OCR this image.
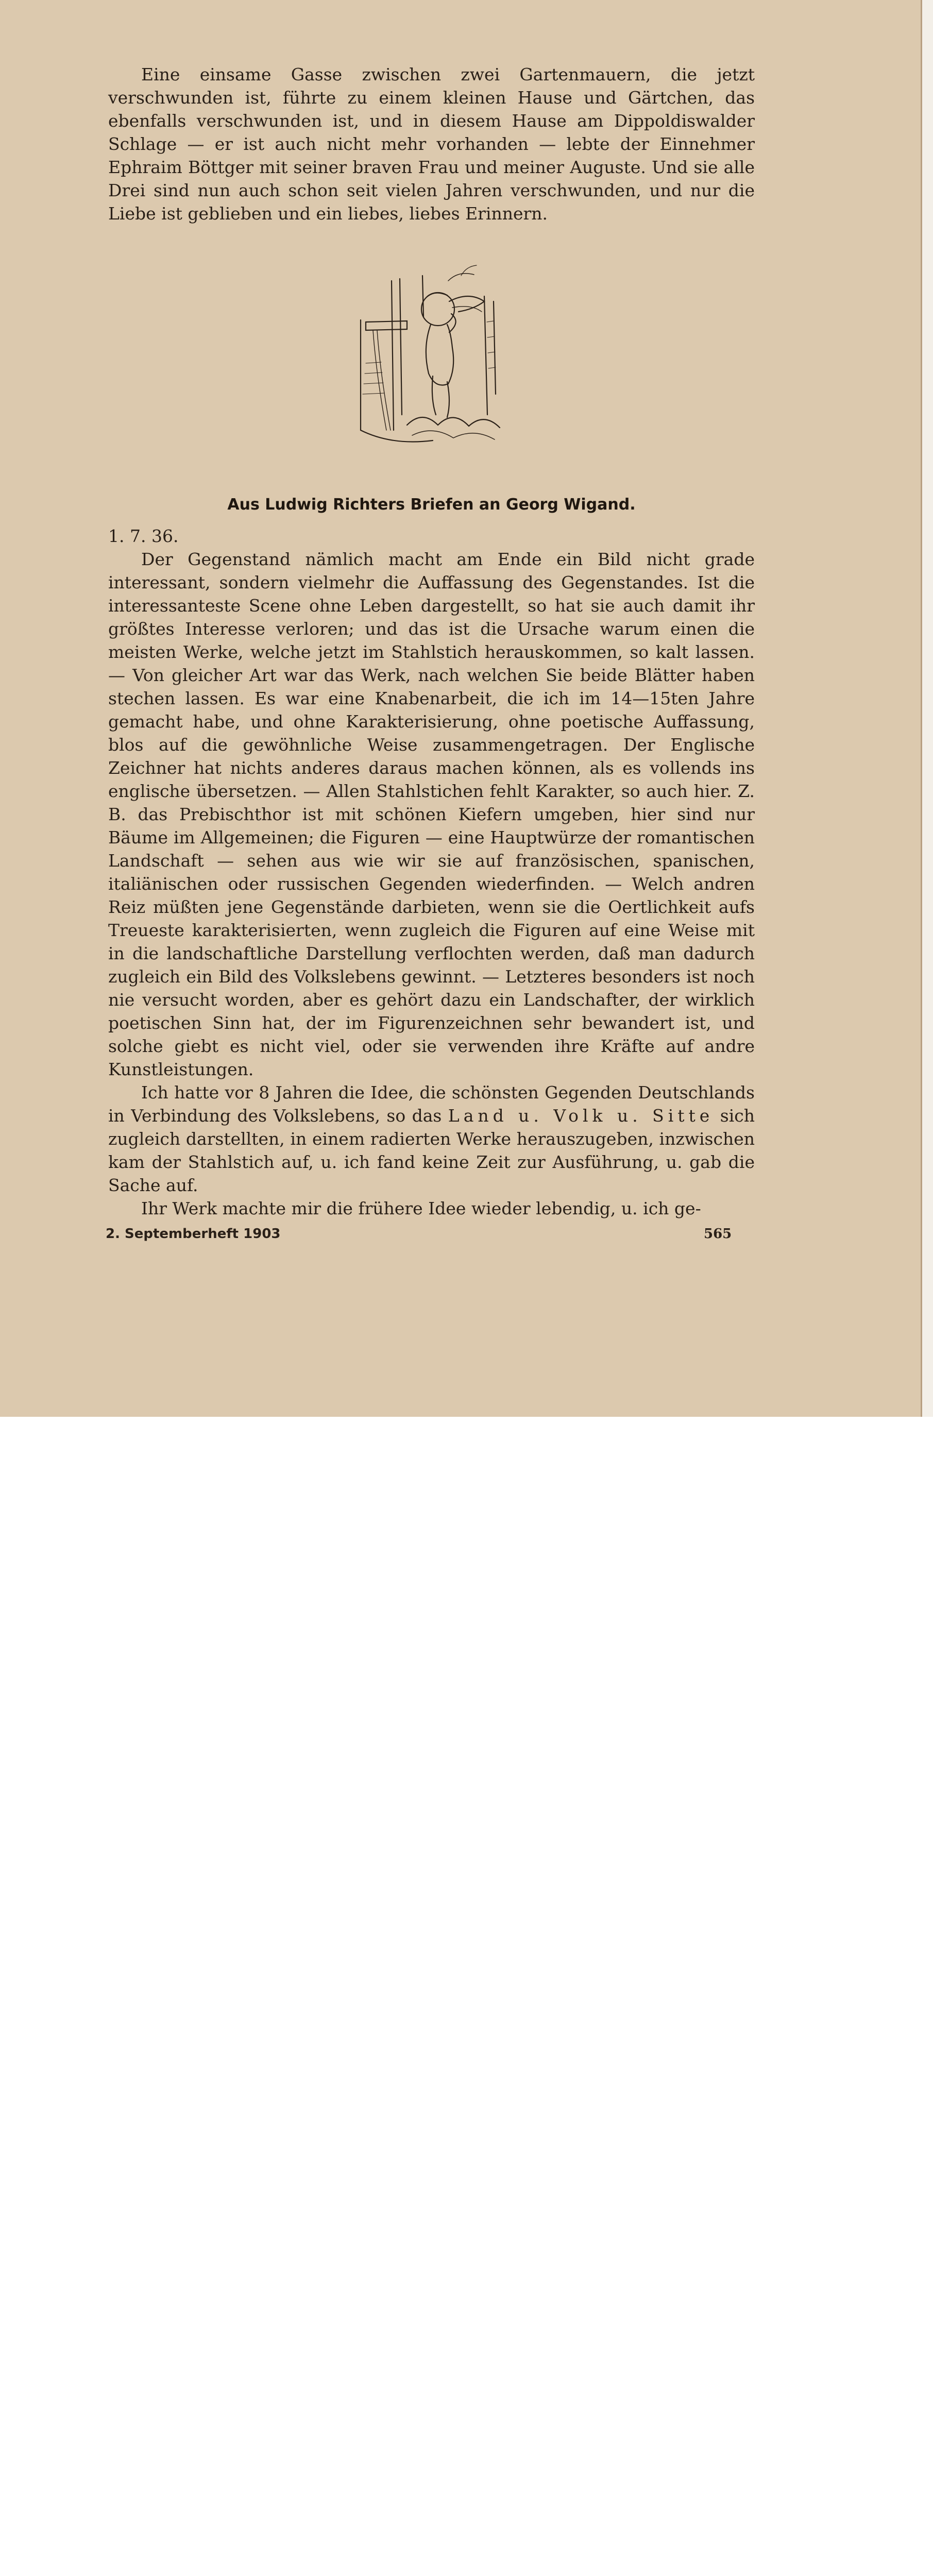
Eine einsame Gasse zwischen zwei Gartenmauern, die jetzt verschwunden ist, führte zu einem kleinen Hause und Gärtchen, das ebenfalls verschwunden ist, und in diesem Hause am Dippoldiswalder Schlage — er ist auch nicht mehr vorhanden — lebte der Einnehmer Ephraim Böttger mit seiner braven Frau und meiner Auguste. Und sie alle Drei sind nun auch schon seit vielen Jahren verschwunden, und nur die Liebe ist geblieben und ein liebes, liebes Erinnern.

Aus Ludwig Richters Briefen an Georg Wigand.

1. 7. 36.

Der Gegenstand nämlich macht am Ende ein Bild nicht grade interessant, sondern vielmehr die Auffassung des Gegenstandes. Ist die interessanteste Scene ohne Leben dargestellt, so hat sie auch damit ihr größtes Interesse verloren; und das ist die Ursache warum einen die meisten Werke, welche jetzt im Stahlstich herauskommen, so kalt lassen. — Von gleicher Art war das Werk, nach welchen Sie beide Blätter haben stechen lassen. Es war eine Knabenarbeit, die ich im 14—15ten Jahre gemacht habe, und ohne Karakterisierung, ohne poetische Auffassung, blos auf die gewöhnliche Weise zusammengetragen. Der Englische Zeichner hat nichts anderes daraus machen können, als es vollends ins englische übersetzen. — Allen Stahlstichen fehlt Karakter, so auch hier. Z. B. das Prebischthor ist mit schönen Kiefern umgeben, hier sind nur Bäume im Allgemeinen; die Figuren — eine Hauptwürze der romantischen Landschaft — sehen aus wie wir sie auf französischen, spanischen, italiänischen oder russischen Gegenden wiederfinden. — Welch andren Reiz müßten jene Gegenstände darbieten, wenn sie die Oertlichkeit aufs Treueste karakterisierten, wenn zugleich die Figuren auf eine Weise mit in die landschaftliche Darstellung verflochten werden, daß man dadurch zugleich ein Bild des Volkslebens gewinnt. — Letzteres besonders ist noch nie versucht worden, aber es gehört dazu ein Landschafter, der wirklich poetischen Sinn hat, der im Figurenzeichnen sehr bewandert ist, und solche giebt es nicht viel, oder sie verwenden ihre Kräfte auf andre Kunstleistungen.

Ich hatte vor 8 Jahren die Idee, die schönsten Gegenden Deutschlands in Verbindung des Volkslebens, so das Land u. Volk u. Sitte sich zugleich darstellten, in einem radierten Werke herauszugeben, inzwischen kam der Stahlstich auf, u. ich fand keine Zeit zur Ausführung, u. gab die Sache auf.

Ihr Werk machte mir die frühere Idee wieder lebendig, u. ich ge-

2. Septemberheft 1903	565
